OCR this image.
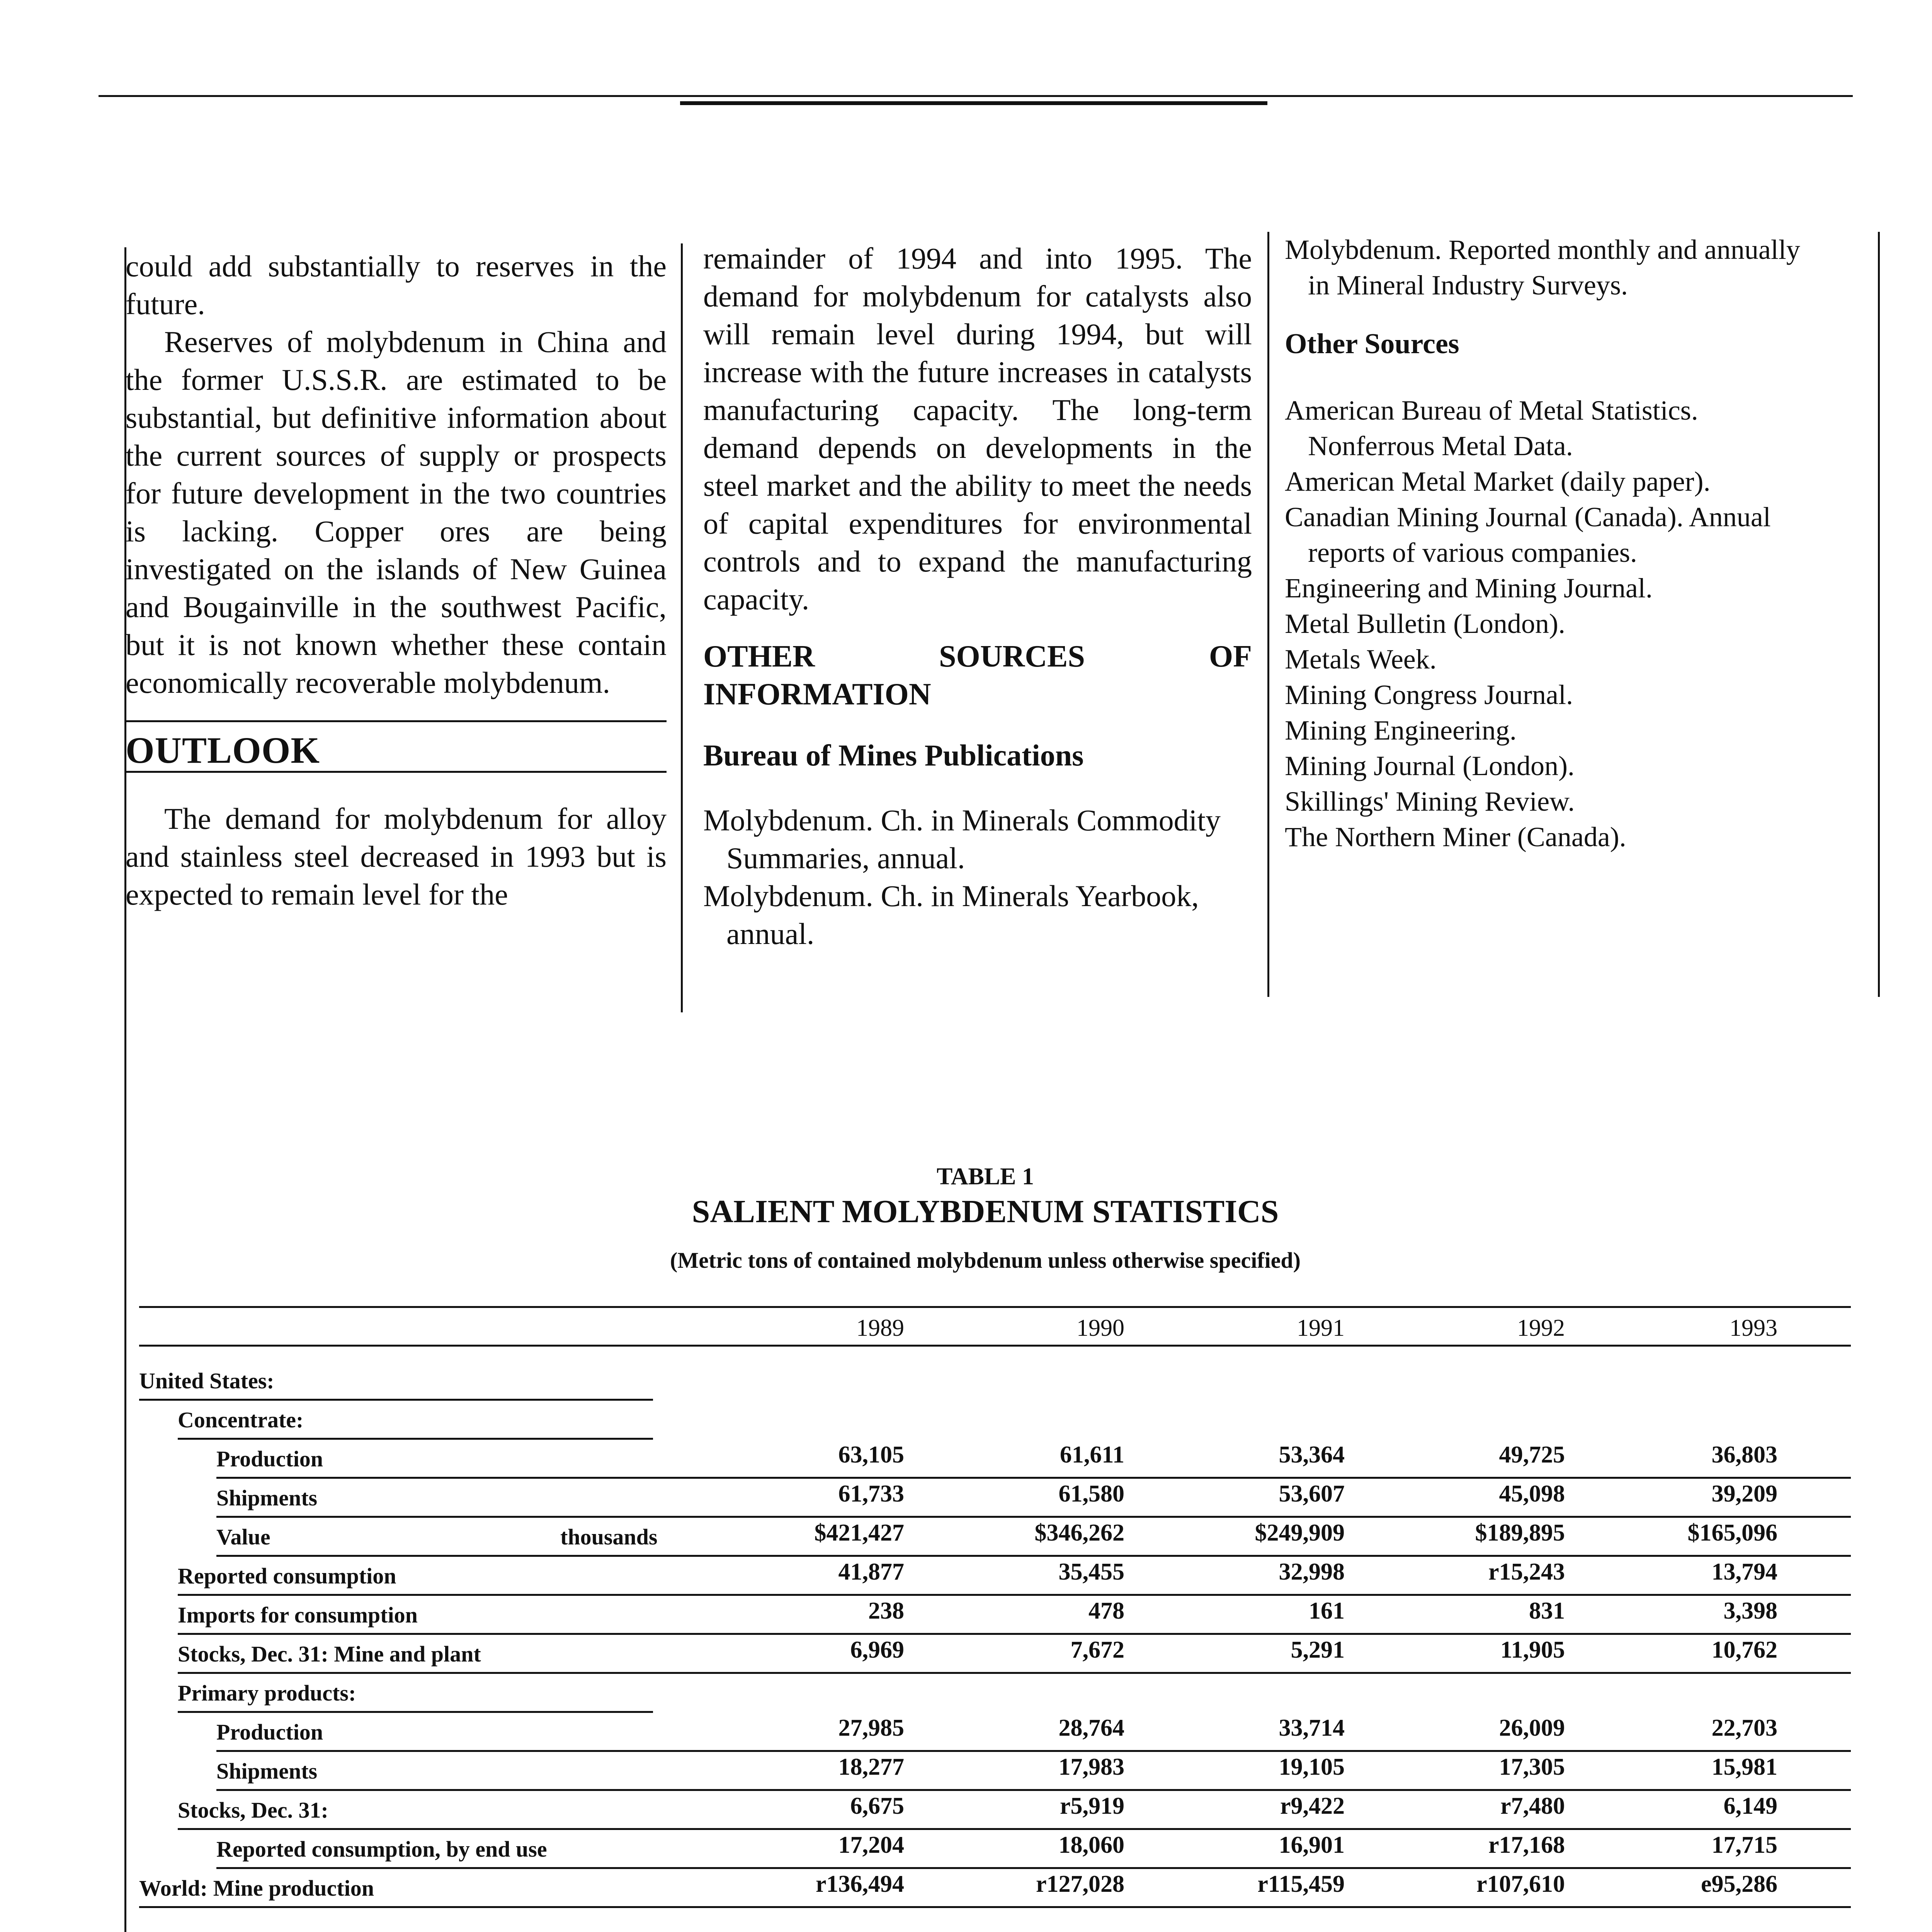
could add substantially to reserves in the future.

Reserves of molybdenum in China and the former U.S.S.R. are estimated to be substantial, but definitive information about the current sources of supply or prospects for future development in the two countries is lacking. Copper ores are being investigated on the islands of New Guinea and Bougainville in the southwest Pacific, but it is not known whether these contain economically recoverable molybdenum.

OUTLOOK

The demand for molybdenum for alloy and stainless steel decreased in 1993 but is expected to remain level for the

remainder of 1994 and into 1995. The demand for molybdenum for catalysts also will remain level during 1994, but will increase with the future increases in catalysts manufacturing capacity. The long-term demand depends on developments in the steel market and the ability to meet the needs of capital expenditures for environmental controls and to expand the manufacturing capacity.

OTHER SOURCES OF INFORMATION
Bureau of Mines Publications

Molybdenum. Ch. in Minerals Commodity Summaries, annual.

Molybdenum. Ch. in Minerals Yearbook, annual.

Molybdenum. Reported monthly and annually in Mineral Industry Surveys.

Other Sources

American Bureau of Metal Statistics. Nonferrous Metal Data.

American Metal Market (daily paper).

Canadian Mining Journal (Canada). Annual reports of various companies.

Engineering and Mining Journal.

Metal Bulletin (London).

Metals Week.

Mining Congress Journal.

Mining Engineering.

Mining Journal (London).

Skillings' Mining Review.

The Northern Miner (Canada).

TABLE 1
SALIENT MOLYBDENUM STATISTICS
(Metric tons of contained molybdenum unless otherwise specified)
1989	1990	1991	1992	1993
United States:
Concentrate:
Production	63,105	61,611	53,364	49,725	36,803
Shipments	61,733	61,580	53,607	45,098	39,209
Value	thousands	$421,427	$346,262	$249,909	$189,895	$165,096
Reported consumption	41,877	35,455	32,998	r15,243	13,794
Imports for consumption	238	478	161	831	3,398
Stocks, Dec. 31: Mine and plant	6,969	7,672	5,291	11,905	10,762
Primary products:
Production	27,985	28,764	33,714	26,009	22,703
Shipments	18,277	17,983	19,105	17,305	15,981
Stocks, Dec. 31:	6,675	r5,919	r9,422	r7,480	6,149
Reported consumption, by end use	17,204	18,060	16,901	r17,168	17,715
World: Mine production	r136,494	r127,028	r115,459	r107,610	e95,286
